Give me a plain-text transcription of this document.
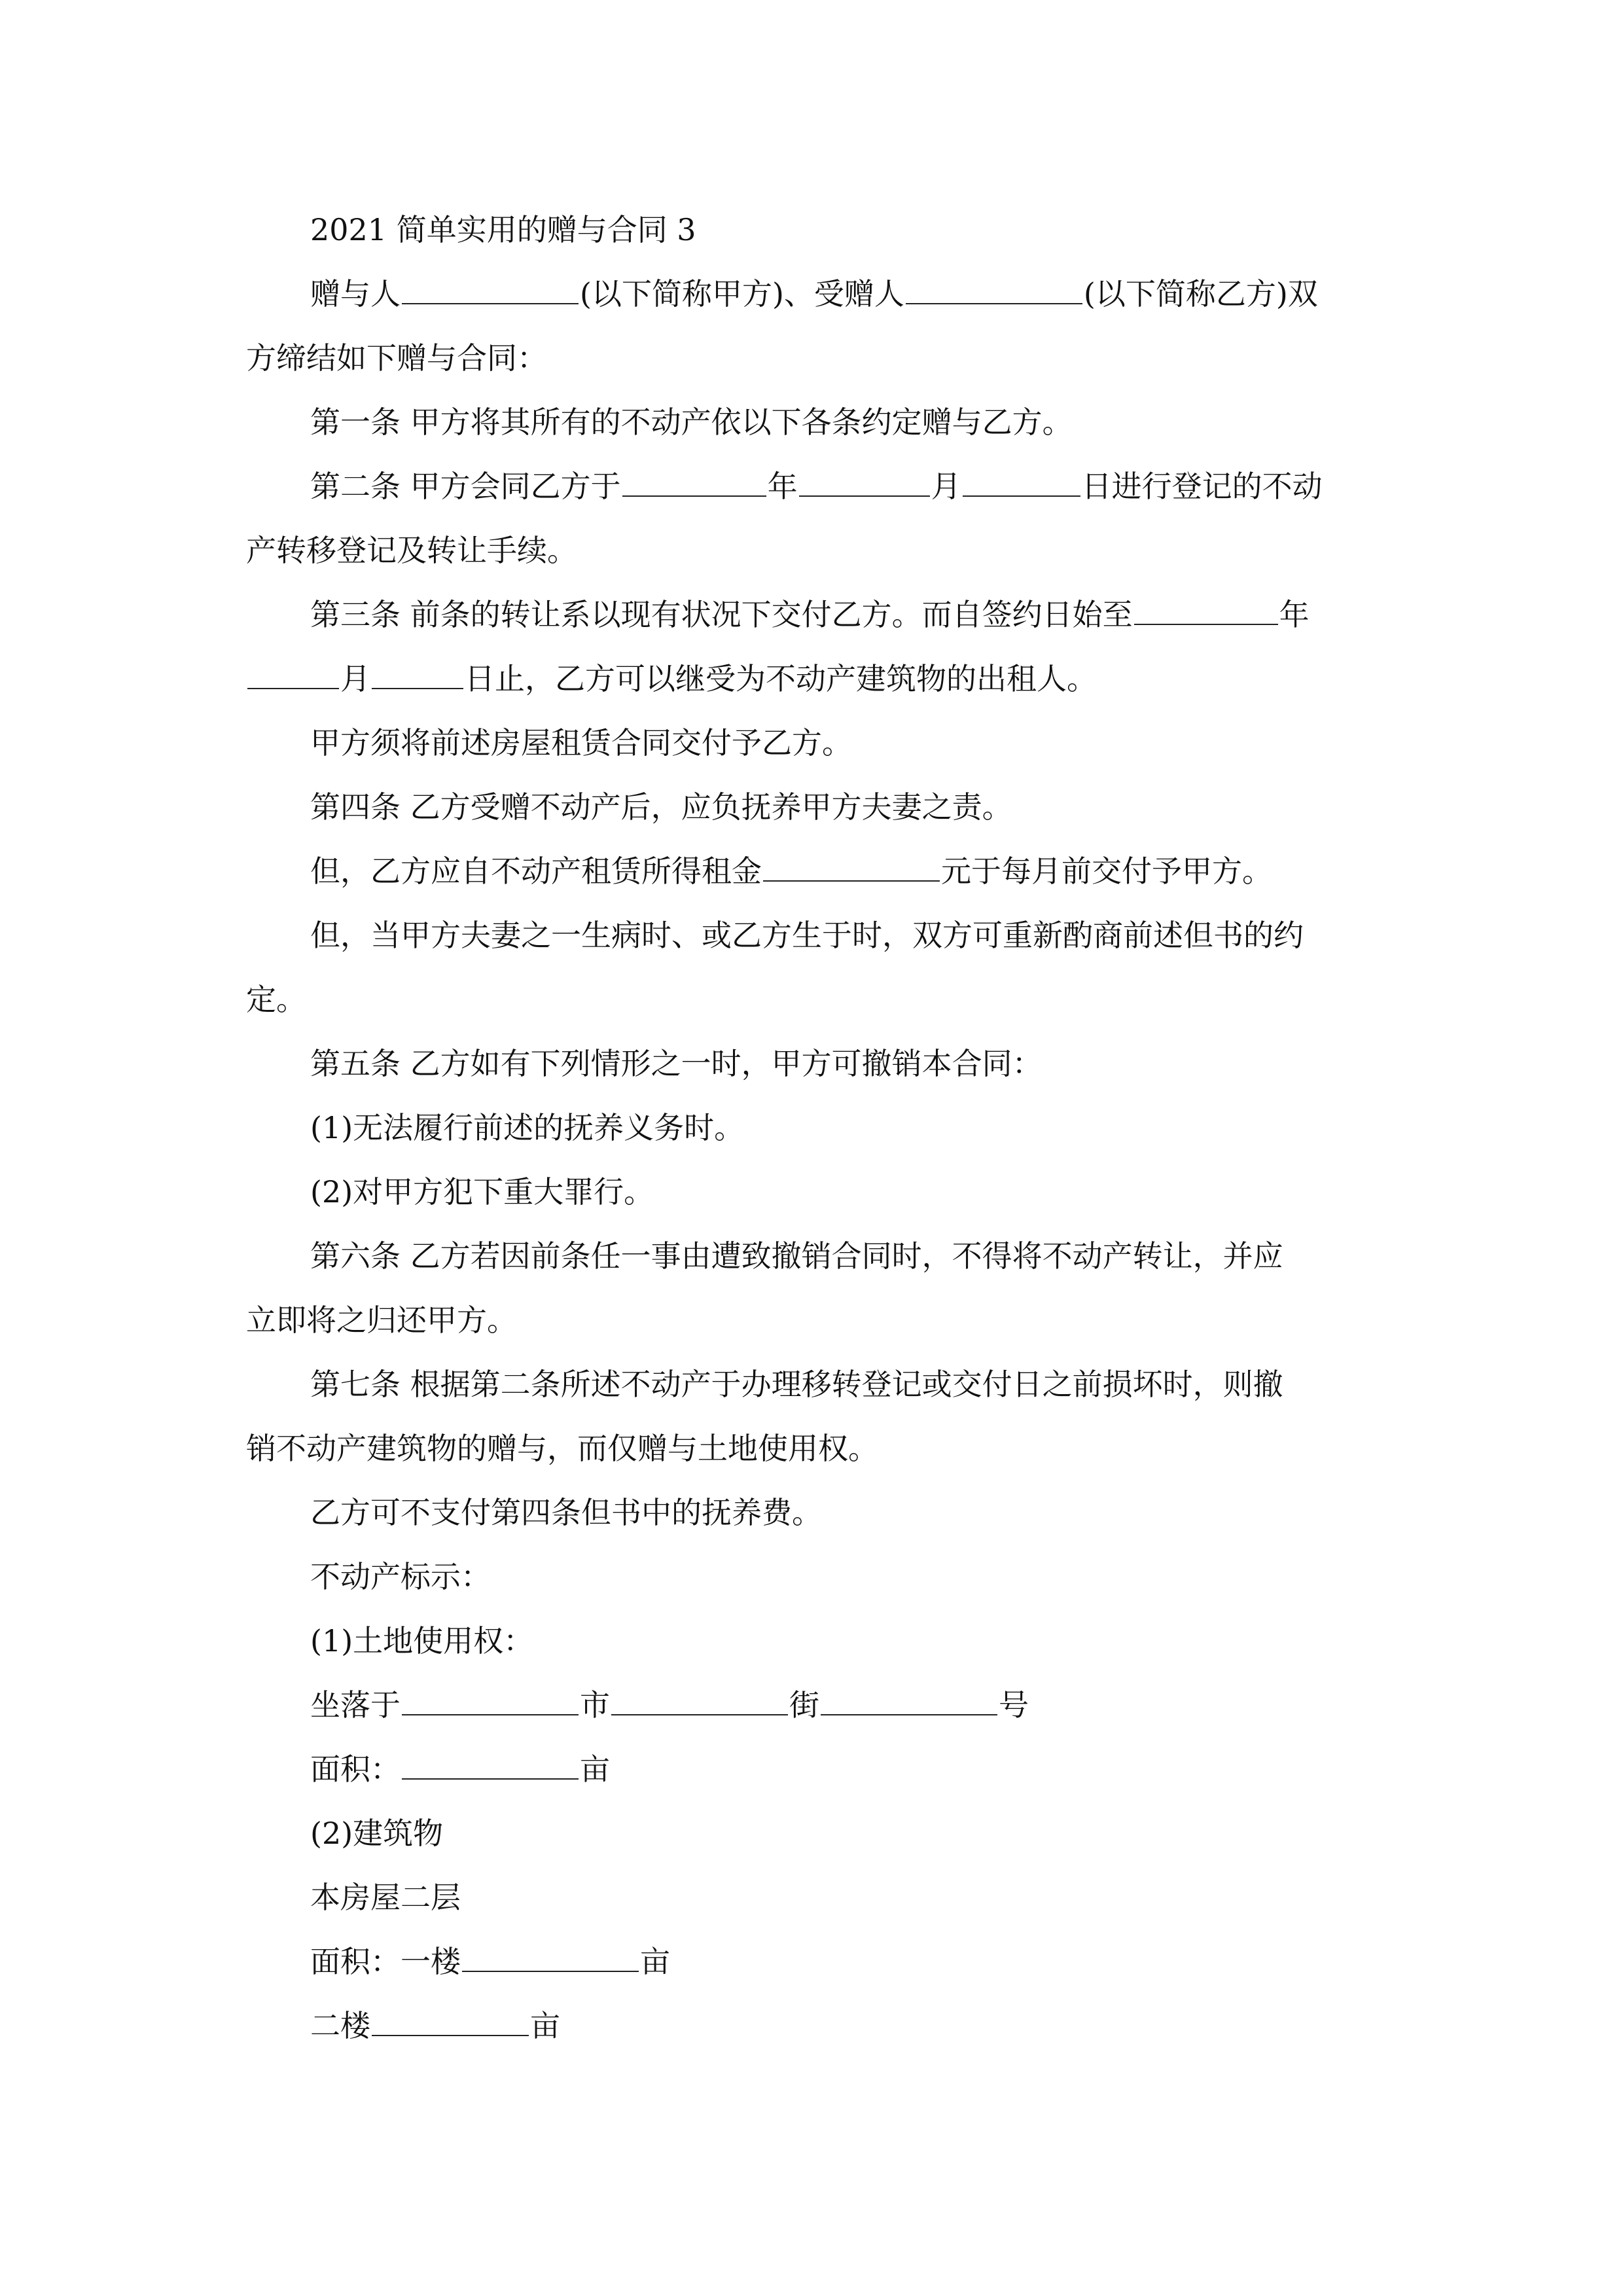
2021 简单实用的赠与合同 3
赠与人	(以下简称甲方)、受赠人	(以下简称乙方)双
方缔结如下赠与合同：
第一条 甲方将其所有的不动产依以下各条约定赠与乙方。
第二条 甲方会同乙方于	年	月	日进行登记的不动
产转移登记及转让手续。
第三条 前条的转让系以现有状况下交付乙方。而自签约日始至	年
月	日止，乙方可以继受为不动产建筑物的出租人。
甲方须将前述房屋租赁合同交付予乙方。
第四条 乙方受赠不动产后，应负抚养甲方夫妻之责。
但，乙方应自不动产租赁所得租金	元于每月前交付予甲方。
但，当甲方夫妻之一生病时、或乙方生于时，双方可重新酌商前述但书的约
定。
第五条 乙方如有下列情形之一时，甲方可撤销本合同：
(1)无法履行前述的抚养义务时。
(2)对甲方犯下重大罪行。
第六条 乙方若因前条任一事由遭致撤销合同时，不得将不动产转让，并应
立即将之归还甲方。
第七条 根据第二条所述不动产于办理移转登记或交付日之前损坏时，则撤
销不动产建筑物的赠与，而仅赠与土地使用权。
乙方可不支付第四条但书中的抚养费。
不动产标示：
(1)土地使用权：
坐落于	市	街	号
面积：	亩
(2)建筑物
本房屋二层
面积：一楼	亩
二楼	亩
